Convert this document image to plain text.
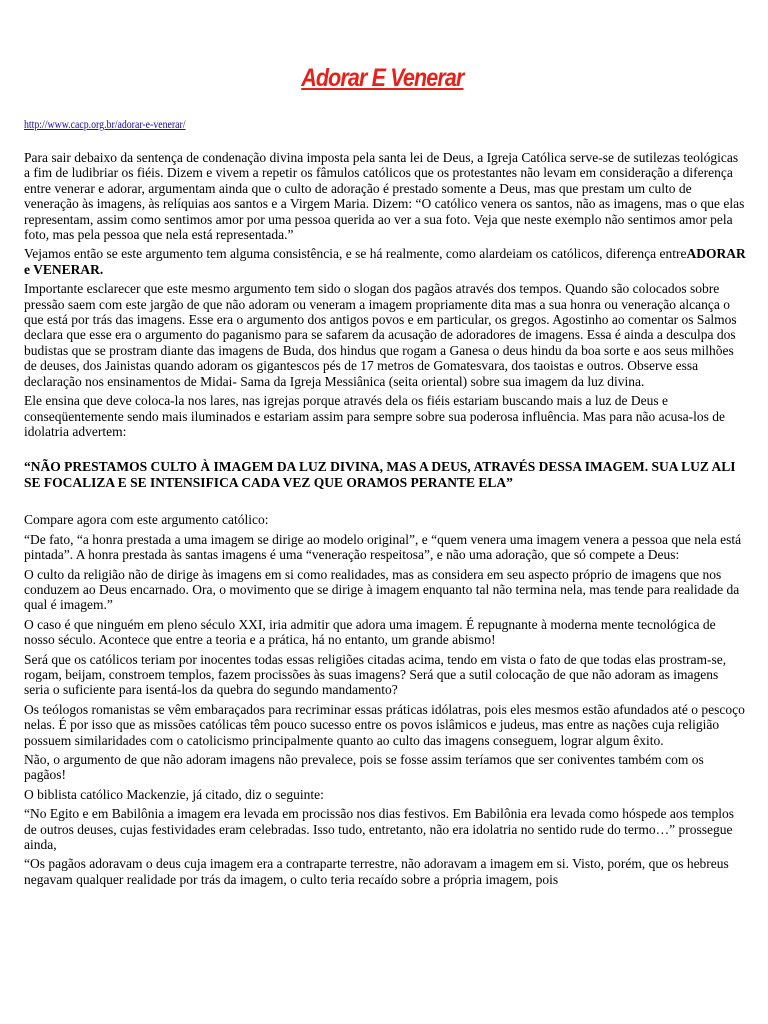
Adorar E Venerar
http://www.cacp.org.br/adorar-e-venerar/

Para sair debaixo da sentença de condenação divina imposta pela santa lei de Deus, a Igreja Católica serve-se de sutilezas teológicas a fim de ludibriar os fiéis. Dizem e vivem a repetir os fâmulos católicos que os protestantes não levam em consideração a diferença entre venerar e adorar, argumentam ainda que o culto de adoração é prestado somente a Deus, mas que prestam um culto de veneração às imagens, às relíquias aos santos e a Virgem Maria. Dizem: “O católico venera os santos, não as imagens, mas o que elas representam, assim como sentimos amor por uma pessoa querida ao ver a sua foto. Veja que neste exemplo não sentimos amor pela foto, mas pela pessoa que nela está representada.”

Vejamos então se este argumento tem alguma consistência, e se há realmente, como alardeiam os católicos, diferença entreADORAR e VENERAR.

Importante esclarecer que este mesmo argumento tem sido o slogan dos pagãos através dos tempos. Quando são colocados sobre pressão saem com este jargão de que não adoram ou veneram a imagem propriamente dita mas a sua honra ou veneração alcança o que está por trás das imagens. Esse era o argumento dos antigos povos e em particular, os gregos. Agostinho ao comentar os Salmos declara que esse era o argumento do paganismo para se safarem da acusação de adoradores de imagens. Essa é ainda a desculpa dos budistas que se prostram diante das imagens de Buda, dos hindus que rogam a Ganesa o deus hindu da boa sorte e aos seus milhões de deuses, dos Jainistas quando adoram os gigantescos pés de 17 metros de Gomatesvara, dos taoistas e outros. Observe essa declaração nos ensinamentos de Midai- Sama da Igreja Messiânica (seita oriental) sobre sua imagem da luz divina.

Ele ensina que deve coloca-la nos lares, nas igrejas porque através dela os fiéis estariam buscando mais a luz de Deus e conseqüentemente sendo mais iluminados e estariam assim para sempre sobre sua poderosa influência. Mas para não acusa-los de idolatria advertem:

“NÃO PRESTAMOS CULTO À IMAGEM DA LUZ DIVINA, MAS A DEUS, ATRAVÉS DESSA IMAGEM. SUA LUZ ALI SE FOCALIZA E SE INTENSIFICA CADA VEZ QUE ORAMOS PERANTE ELA”

Compare agora com este argumento católico:

“De fato, “a honra prestada a uma imagem se dirige ao modelo original”, e “quem venera uma imagem venera a pessoa que nela está pintada”. A honra prestada às santas imagens é uma “veneração respeitosa”, e não uma adoração, que só compete a Deus:

O culto da religião não de dirige às imagens em si como realidades, mas as considera em seu aspecto próprio de imagens que nos conduzem ao Deus encarnado. Ora, o movimento que se dirige à imagem enquanto tal não termina nela, mas tende para realidade da qual é imagem.”

O caso é que ninguém em pleno século XXI, iria admitir que adora uma imagem. É repugnante à moderna mente tecnológica de nosso século. Acontece que entre a teoria e a prática, há no entanto, um grande abismo!

Será que os católicos teriam por inocentes todas essas religiões citadas acima, tendo em vista o fato de que todas elas prostram-se, rogam, beijam, constroem templos, fazem procissões às suas imagens? Será que a sutil colocação de que não adoram as imagens seria o suficiente para isentá-los da quebra do segundo mandamento?

Os teólogos romanistas se vêm embaraçados para recriminar essas práticas idólatras, pois eles mesmos estão afundados até o pescoço nelas. É por isso que as missões católicas têm pouco sucesso entre os povos islâmicos e judeus, mas entre as nações cuja religião possuem similaridades com o catolicismo principalmente quanto ao culto das imagens conseguem, lograr algum êxito.

Não, o argumento de que não adoram imagens não prevalece, pois se fosse assim teríamos que ser coniventes também com os pagãos!

O biblista católico Mackenzie, já citado, diz o seguinte:

“No Egito e em Babilônia a imagem era levada em procissão nos dias festivos. Em Babilônia era levada como hóspede aos templos de outros deuses, cujas festividades eram celebradas. Isso tudo, entretanto, não era idolatria no sentido rude do termo…” prossegue ainda,

“Os pagãos adoravam o deus cuja imagem era a contraparte terrestre, não adoravam a imagem em si. Visto, porém, que os hebreus negavam qualquer realidade por trás da imagem, o culto teria recaído sobre a própria imagem, pois
